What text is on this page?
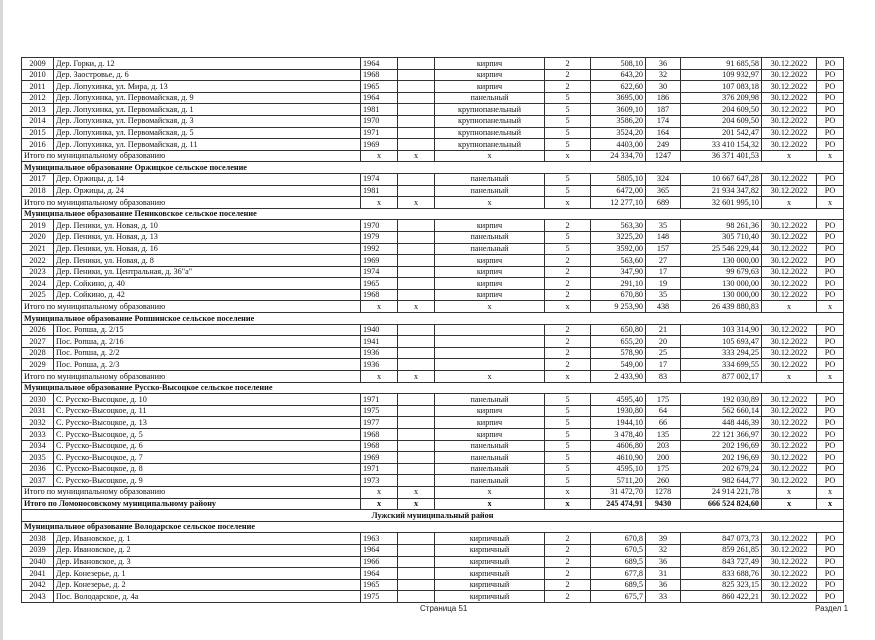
2009	Дер. Горки, д. 12	1964		кирпич	2	508,10	36	91 685,58	30.12.2022	РО
2010	Дер. Заостровье, д. 6	1968		кирпич	2	643,20	32	109 932,97	30.12.2022	РО
2011	Дер. Лопухинка, ул. Мира, д. 13	1965		кирпич	2	622,60	30	107 083,18	30.12.2022	РО
2012	Дер. Лопухинка, ул. Первомайская, д. 9	1964		панельный	5	3695,00	186	376 209,98	30.12.2022	РО
2013	Дер. Лопухинка, ул. Первомайская, д. 1	1981		крупнопанельный	5	3609,10	187	204 609,50	30.12.2022	РО
2014	Дер. Лопухинка, ул. Первомайская, д. 3	1970		крупнопанельный	5	3586,20	174	204 609,50	30.12.2022	РО
2015	Дер. Лопухинка, ул. Первомайская, д. 5	1971		крупнопанельный	5	3524,20	164	201 542,47	30.12.2022	РО
2016	Дер. Лопухинка, ул. Первомайская, д. 11	1969		крупнопанельный	5	4403,00	249	33 410 154,32	30.12.2022	РО
Итого по муниципальному образованию		x	x	x	x	24 334,70	1247	36 371 401,53	x	x
Муниципальное образование Оржицкое сельское поселение										
2017	Дер. Оржицы, д. 14	1974		панельный	5	5805,10	324	10 667 647,28	30.12.2022	РО
2018	Дер. Оржицы, д. 24	1981		панельный	5	6472,00	365	21 934 347,82	30.12.2022	РО
Итого по муниципальному образованию		x	x	x	x	12 277,10	689	32 601 995,10	x	x
Муниципальное образование Пениковское сельское поселение										
2019	Дер. Пеники, ул. Новая, д. 10	1970		кирпич	2	563,30	35	98 261,36	30.12.2022	РО
2020	Дер. Пеники, ул. Новая, д. 13	1979		панельный	5	3225,20	148	305 710,40	30.12.2022	РО
2021	Дер. Пеники, ул. Новая, д. 16	1992		панельный	5	3592,00	157	25 546 229,44	30.12.2022	РО
2022	Дер. Пеники, ул. Новая, д. 8	1969		кирпич	2	563,60	27	130 000,00	30.12.2022	РО
2023	Дер. Пеники, ул. Центральная, д. 36"а"	1974		кирпич	2	347,90	17	99 679,63	30.12.2022	РО
2024	Дер. Сойкино, д. 40	1965		кирпич	2	291,10	19	130 000,00	30.12.2022	РО
2025	Дер. Сойкино, д. 42	1968		кирпич	2	670,80	35	130 000,00	30.12.2022	РО
Итого по муниципальному образованию		x	x	x	x	9 253,90	438	26 439 880,83	x	x
Муниципальное образование Ропшинское сельское поселение										
2026	Пос. Ропша, д. 2/15	1940			2	650,80	21	103 314,90	30.12.2022	РО
2027	Пос. Ропша, д. 2/16	1941			2	655,20	20	105 693,47	30.12.2022	РО
2028	Пос. Ропша, д. 2/2	1936			2	578,90	25	333 294,25	30.12.2022	РО
2029	Пос. Ропша, д. 2/3	1936			2	549,00	17	334 699,55	30.12.2022	РО
Итого по муниципальному образованию		x	x	x	x	2 433,90	83	877 002,17	x	x
Муниципальное образование Русско-Высоцкое сельское поселение										
2030	С. Русско-Высоцкое, д. 10	1971		панельный	5	4595,40	175	192 030,89	30.12.2022	РО
2031	С. Русско-Высоцкое, д. 11	1975		кирпич	5	1930,80	64	562 660,14	30.12.2022	РО
2032	С. Русско-Высоцкое, д. 13	1977		кирпич	5	1944,10	66	448 446,39	30.12.2022	РО
2033	С. Русско-Высоцкое, д. 5	1968		кирпич	5	3 478,40	135	22 121 366,97	30.12.2022	РО
2034	С. Русско-Высоцкое, д. 6	1968		панельный	5	4606,80	203	202 196,69	30.12.2022	РО
2035	С. Русско-Высоцкое, д. 7	1969		панельный	5	4610,90	200	202 196,69	30.12.2022	РО
2036	С. Русско-Высоцкое, д. 8	1971		панельный	5	4595,10	175	202 679,24	30.12.2022	РО
2037	С. Русско-Высоцкое, д. 9	1973		панельный	5	5711,20	260	982 644,77	30.12.2022	РО
Итого по муниципальному образованию		x	x	x	x	31 472,70	1278	24 914 221,78	x	x
Итого по Ломоносовскому муниципальному району		x	x	x	x	245 474,91	9430	666 524 824,60	x	x
Лужский муниципальный район										
Муниципальное образование Володарское сельское поселение										
2038	Дер. Ивановское, д. 1	1963		кирпичный	2	670,8	39	847 073,73	30.12.2022	РО
2039	Дер. Ивановское, д. 2	1964		кирпичный	2	670,5	32	859 261,85	30.12.2022	РО
2040	Дер. Ивановское, д. 3	1966		кирпичный	2	689,5	36	843 727,49	30.12.2022	РО
2041	Дер. Конезерье, д. 1	1964		кирпичный	2	677,8	31	833 688,76	30.12.2022	РО
2042	Дер. Конезерье, д. 2	1965		кирпичный	2	689,5	36	825 323,15	30.12.2022	РО
2043	Пос. Володарское, д. 4а	1975		кирпичный	2	675,7	33	860 422,21	30.12.2022	РО
Страница 51	Раздел 1
